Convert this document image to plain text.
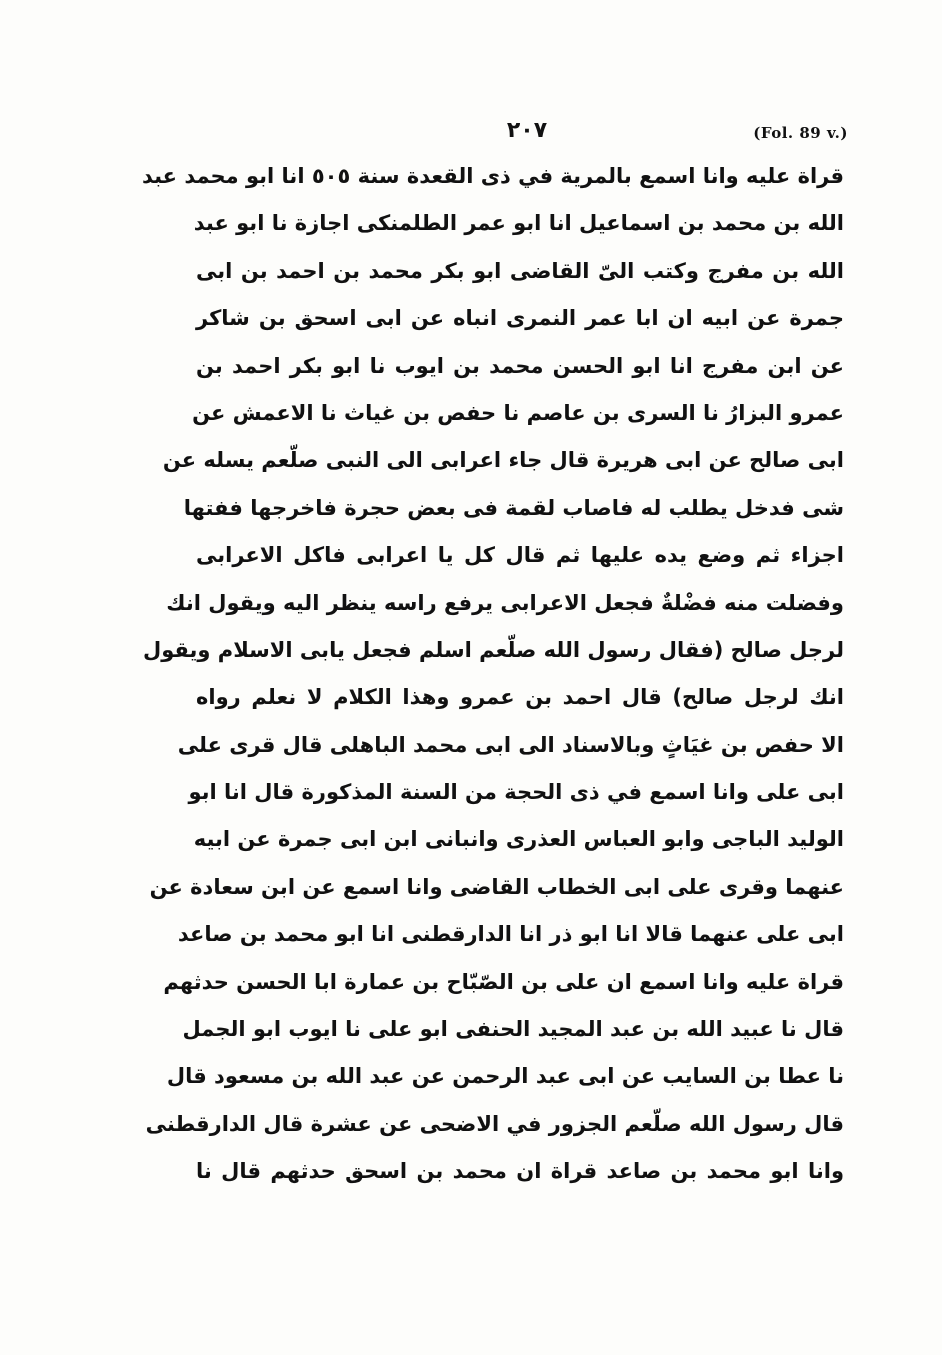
٢٠٧	(Fol. 89 v.)
قراة عليه وانا اسمع بالمرية في ذى القعدة سنة ٥٠٥ انا ابو محمد عبد
الله بن محمد بن اسماعيل انا ابو عمر الطلمنكى اجازة نا ابو عبد
الله بن مفرج وكتب الىّ القاضى ابو بكر محمد بن احمد بن ابى
جمرة عن ابيه ان ابا عمر النمرى انباه عن ابى اسحق بن شاكر
عن ابن مفرج انا ابو الحسن محمد بن ايوب نا ابو بكر احمد بن
عمرو البزارُ نا السرى بن عاصم نا حفص بن غياث نا الاعمش عن
ابى صالح عن ابى هريرة قال جاء اعرابى الى النبى صلّعم يسله عن
شى فدخل يطلب له فاصاب لقمة فى بعض حجرة فاخرجها ففتها
اجزاء ثم وضع يده عليها ثم قال كل يا اعرابى فاكل الاعرابى
وفضلت منه فضْلةٌ فجعل الاعرابى يرفع راسه ينظر اليه ويقول انك
لرجل صالح (فقال رسول الله صلّعم اسلم فجعل يابى الاسلام ويقول
انك لرجل صالح) قال احمد بن عمرو وهذا الكلام لا نعلم رواه
الا حفص بن غيَاثٍ وبالاسناد الى ابى محمد الباهلى قال قرى على
ابى على وانا اسمع في ذى الحجة من السنة المذكورة قال انا ابو
الوليد الباجى وابو العباس العذرى وانبانى ابن ابى جمرة عن ابيه
عنهما وقرى على ابى الخطاب القاضى وانا اسمع عن ابن سعادة عن
ابى على عنهما قالا انا ابو ذر انا الدارقطنى انا ابو محمد بن صاعد
قراة عليه وانا اسمع ان على بن الصّبّاح بن عمارة ابا الحسن حدثهم
قال نا عبيد الله بن عبد المجيد الحنفى ابو على نا ايوب ابو الجمل
نا عطا بن السايب عن ابى عبد الرحمن عن عبد الله بن مسعود قال
قال رسول الله صلّعم الجزور في الاضحى عن عشرة قال الدارقطنى
وانا ابو محمد بن صاعد قراة ان محمد بن اسحق حدثهم قال نا
